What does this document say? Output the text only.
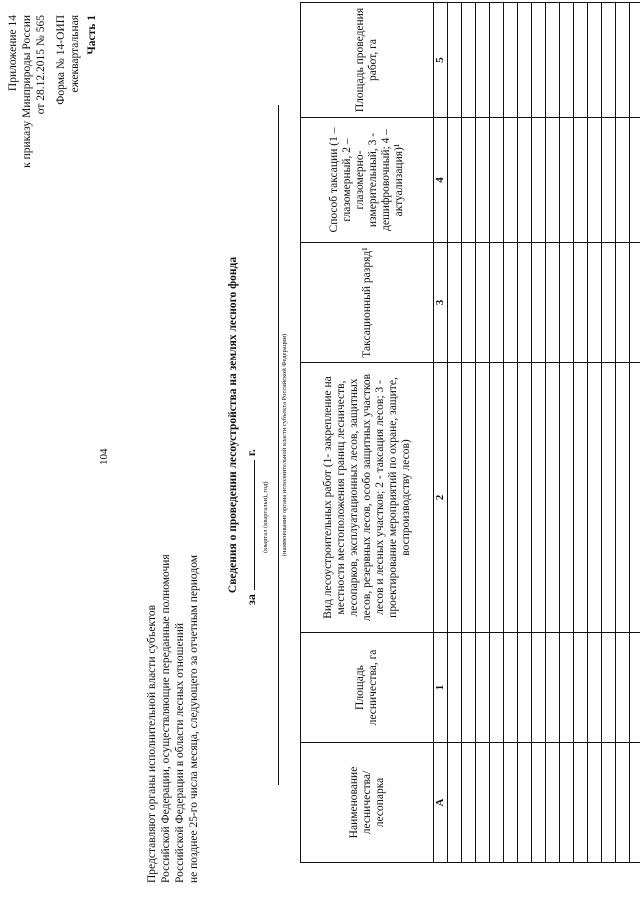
104
Приложение 14 к приказу Минприроды России от 28.12.2015 № 565 Форма № 14-ОИП ежеквартальная Часть 1
Представляют органы исполнительной власти субъектов Российской Федерации, осуществляющие переданные полномочия Российской Федерации в области лесных отношений не позднее 25-го числа месяца, следующего за отчетным периодом
Сведения о проведении лесоустройства на землях лесного фонда
заг.
(квартал (квартальн), год) (наименование органа исполнительной власти субъекта Российской Федерации)
Наименование лесничества/ лесопарка	Площадь лесничества, га	Вид лесоустроительных работ (1- закрепление на местности местоположения границ лесничеств, лесопарков, эксплуатационных лесов, защитных лесов, резервных лесов, особо защитных участков лесов и лесных участков; 2 - таксация лесов; 3 - проектирование мероприятий по охране, защите, воспроизводству лесов)	Таксационный разряд¹	Способ таксации (1 – глазомерный, 2 – глазомерно-измерительный, 3 - дешифровочный; 4 – актуализация)¹	Площадь проведения работ, га
А	1	2	3	4	5
